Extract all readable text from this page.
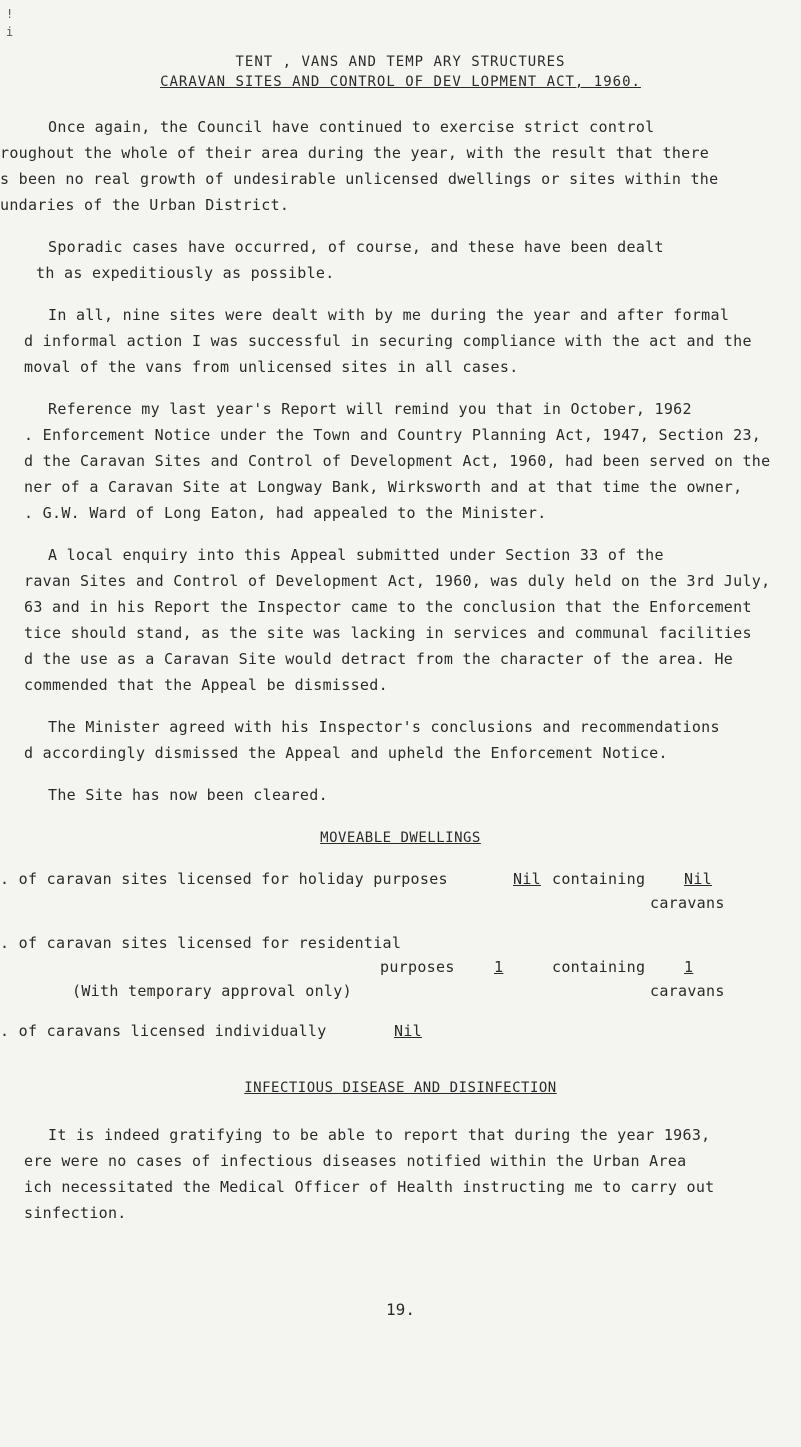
!
i
TENT , VANS AND TEMP ARY STRUCTURES
CARAVAN SITES AND CONTROL OF DEV LOPMENT ACT, 1960.
Once again, the Council have continued to exercise strict control
roughout the whole of their area during the year, with the result that there
s been no real growth of undesirable unlicensed dwellings or sites within the
undaries of the Urban District.
Sporadic cases have occurred, of course, and these have been dealt
th as expeditiously as possible.
In all, nine sites were dealt with by me during the year and after formal
d informal action I was successful in securing compliance with the act and the
moval of the vans from unlicensed sites in all cases.
Reference my last year's Report will remind you that in October, 1962
. Enforcement Notice under the Town and Country Planning Act, 1947, Section 23,
d the Caravan Sites and Control of Development Act, 1960, had been served on the
ner of a Caravan Site at Longway Bank, Wirksworth and at that time the owner,
. G.W. Ward of Long Eaton, had appealed to the Minister.
A local enquiry into this Appeal submitted under Section 33 of the
ravan Sites and Control of Development Act, 1960, was duly held on the 3rd July,
63 and in his Report the Inspector came to the conclusion that the Enforcement
tice should stand, as the site was lacking in services and communal facilities
d the use as a Caravan Site would detract from the character of the area. He
commended that the Appeal be dismissed.
The Minister agreed with his Inspector's conclusions and recommendations
d accordingly dismissed the Appeal and upheld the Enforcement Notice.
The Site has now been cleared.
MOVEABLE DWELLINGS
. of caravan sites licensed for holiday purposes	Nil containing	Nil
caravans
. of caravan sites licensed for residential
purposes	1	containing	1
(With temporary approval only)	caravans
. of caravans licensed individually	Nil
INFECTIOUS DISEASE AND DISINFECTION
It is indeed gratifying to be able to report that during the year 1963,
ere were no cases of infectious diseases notified within the Urban Area
ich necessitated the Medical Officer of Health instructing me to carry out
sinfection.
19.
